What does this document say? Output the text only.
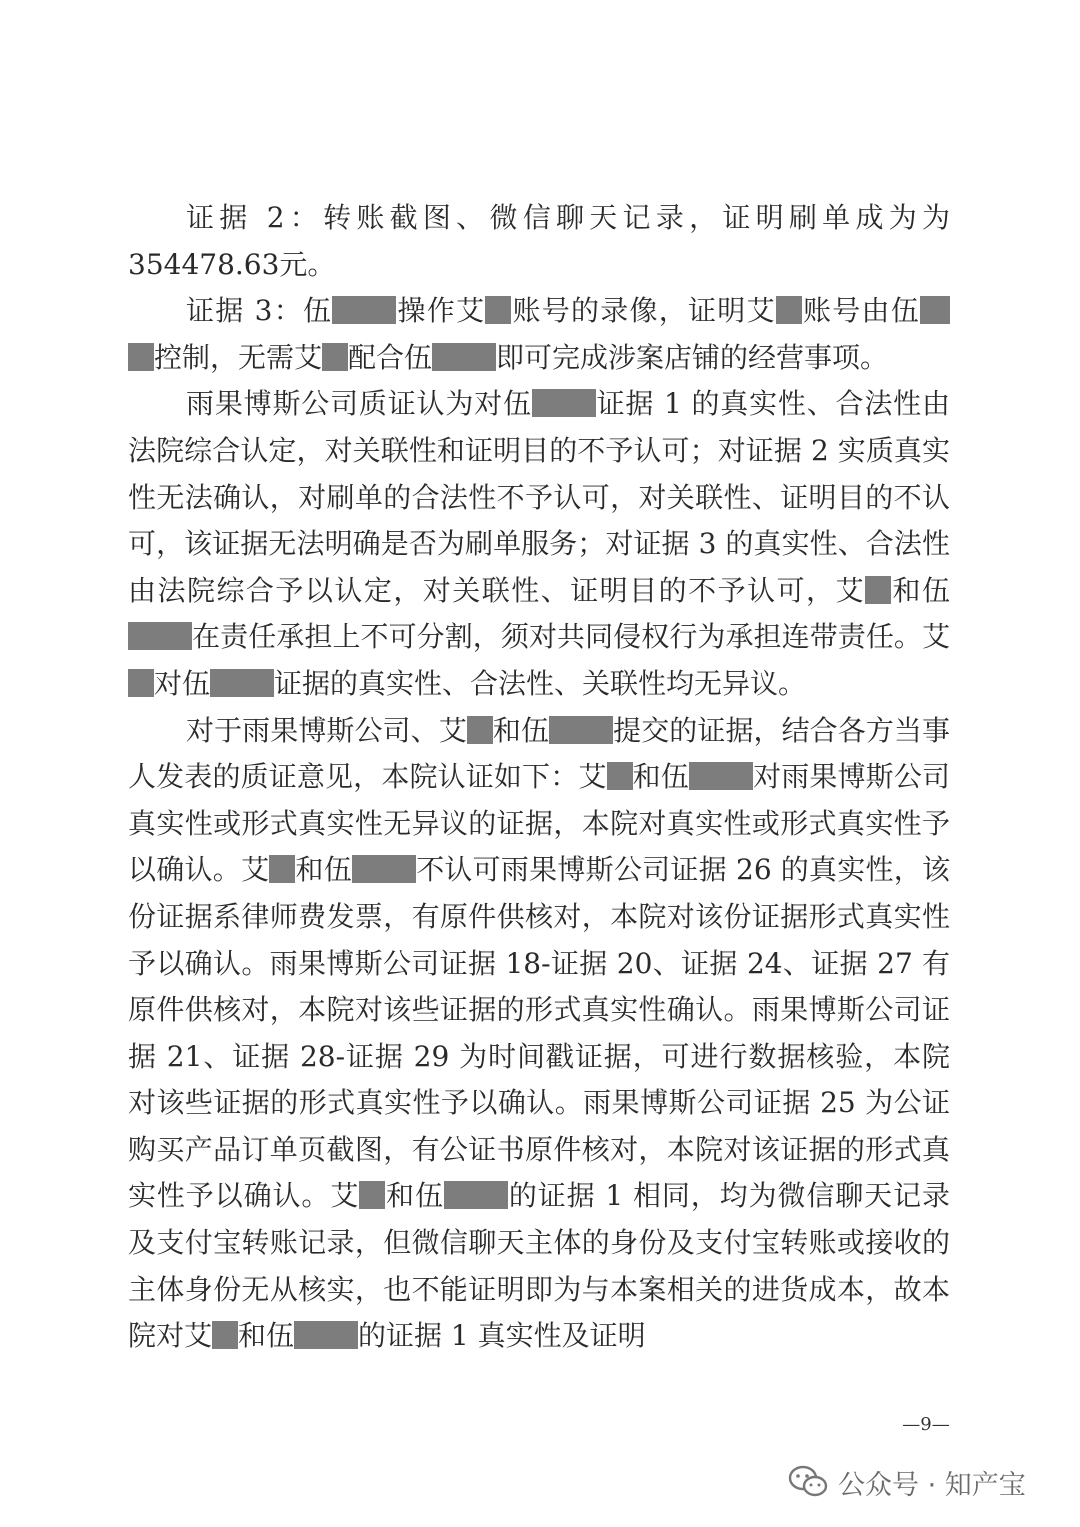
证据 2：转账截图、微信聊天记录，证明刷单成为为354478.63元。

证据 3：伍 操作艾 账号的录像，证明艾 账号由伍 控制，无需艾 配合伍 即可完成涉案店铺的经营事项。

雨果博斯公司质证认为对伍 证据 1 的真实性、合法性由法院综合认定，对关联性和证明目的不予认可；对证据 2 实质真实性无法确认，对刷单的合法性不予认可，对关联性、证明目的不认可，该证据无法明确是否为刷单服务；对证据 3 的真实性、合法性由法院综合予以认定，对关联性、证明目的不予认可，艾 和伍在责任承担上不可分割，须对共同侵权行为承担连带责任。艾对伍 证据的真实性、合法性、关联性均无异议。

对于雨果博斯公司、艾 和伍 提交的证据，结合各方当事人发表的质证意见，本院认证如下：艾 和伍 对雨果博斯公司真实性或形式真实性无异议的证据，本院对真实性或形式真实性予以确认。艾 和伍 不认可雨果博斯公司证据 26 的真实性，该份证据系律师费发票，有原件供核对，本院对该份证据形式真实性予以确认。雨果博斯公司证据 18-证据 20、证据 24、证据 27 有原件供核对，本院对该些证据的形式真实性确认。雨果博斯公司证据 21、证据 28-证据 29 为时间戳证据，可进行数据核验，本院对该些证据的形式真实性予以确认。雨果博斯公司证据 25 为公证购买产品订单页截图，有公证书原件核对，本院对该证据的形式真实性予以确认。艾 和伍 的证据 1 相同，均为微信聊天记录及支付宝转账记录，但微信聊天主体的身份及支付宝转账或接收的主体身份无从核实，也不能证明即为与本案相关的进货成本，故本院对艾 和伍 的证据 1 真实性及证明

—9—
公众号 · 知产宝
